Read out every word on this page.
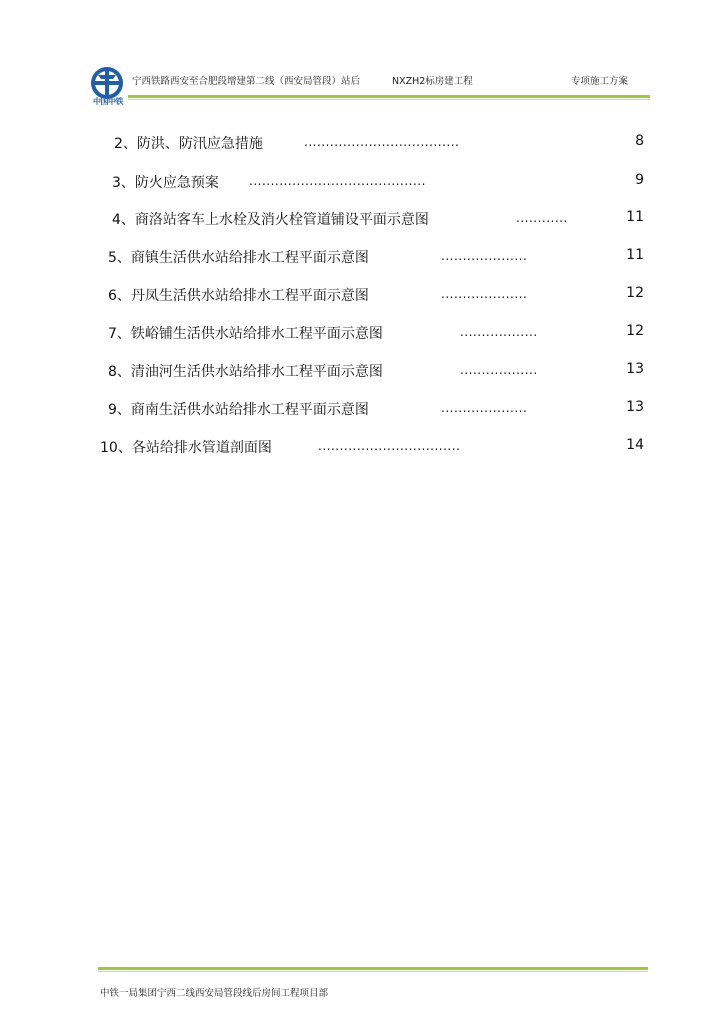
中国中铁
宁西铁路西安至合肥段增建第二线（西安局管段）站后	NXZH2标房建工程	专项施工方案
2、防洪、防汛应急措施	....................................	8
3、防火应急预案	.........................................	9
4、商洛站客车上水栓及消火栓管道铺设平面示意图	............	11
5、商镇生活供水站给排水工程平面示意图	....................	11
6、丹凤生活供水站给排水工程平面示意图	....................	12
7、铁峪铺生活供水站给排水工程平面示意图	..................	12
8、清油河生活供水站给排水工程平面示意图	..................	13
9、商南生活供水站给排水工程平面示意图	....................	13
10、各站给排水管道剖面图	.................................	14
中铁一局集团宁西二线西安局管段线后房间工程项目部
